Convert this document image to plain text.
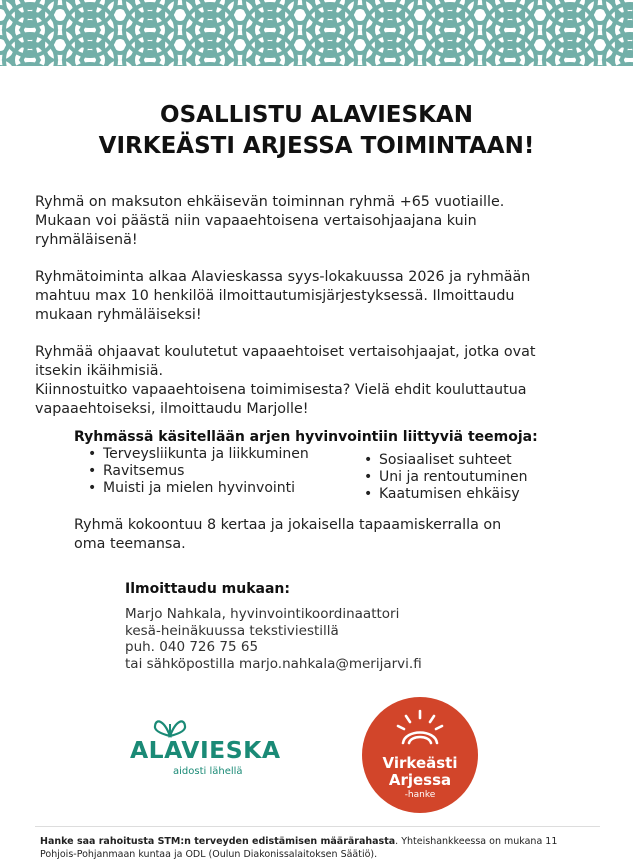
OSALLISTU ALAVIESKAN
VIRKEÄSTI ARJESSA TOIMINTAAN!

Ryhmä on maksuton ehkäisevän toiminnan ryhmä +65 vuotiaille.
Mukaan voi päästä niin vapaaehtoisena vertaisohjaajana kuin
ryhmäläisenä!

Ryhmätoiminta alkaa Alavieskassa syys-lokakuussa 2026 ja ryhmään
mahtuu max 10 henkilöä ilmoittautumisjärjestyksessä. Ilmoittaudu
mukaan ryhmäläiseksi!

Ryhmää ohjaavat koulutetut vapaaehtoiset vertaisohjaajat, jotka ovat
itsekin ikäihmisiä.
Kiinnostuitko vapaaehtoisena toimimisesta? Vielä ehdit kouluttautua
vapaaehtoiseksi, ilmoittaudu Marjolle!

Ryhmässä käsitellään arjen hyvinvointiin liittyviä teemoja:

• Terveysliikunta ja liikkuminen
• Ravitsemus
• Muisti ja mielen hyvinvointi
• Sosiaaliset suhteet
• Uni ja rentoutuminen
• Kaatumisen ehkäisy

Ryhmä kokoontuu 8 kertaa ja jokaisella tapaamiskerralla on
oma teemansa.

Ilmoittaudu mukaan:

Marjo Nahkala, hyvinvointikoordinaattori
kesä-heinäkuussa tekstiviestillä
puh. 040 726 75 65
tai sähköpostilla marjo.nahkala@merijarvi.fi

ALAVIESKA
aidosti lähellä	Virkeästi
Arjessa
-hanke

Hanke saa rahoitusta STM:n terveyden edistämisen määrärahasta. Yhteishankkeessa on mukana 11
Pohjois-Pohjanmaan kuntaa ja ODL (Oulun Diakonissalaitoksen Säätiö).
